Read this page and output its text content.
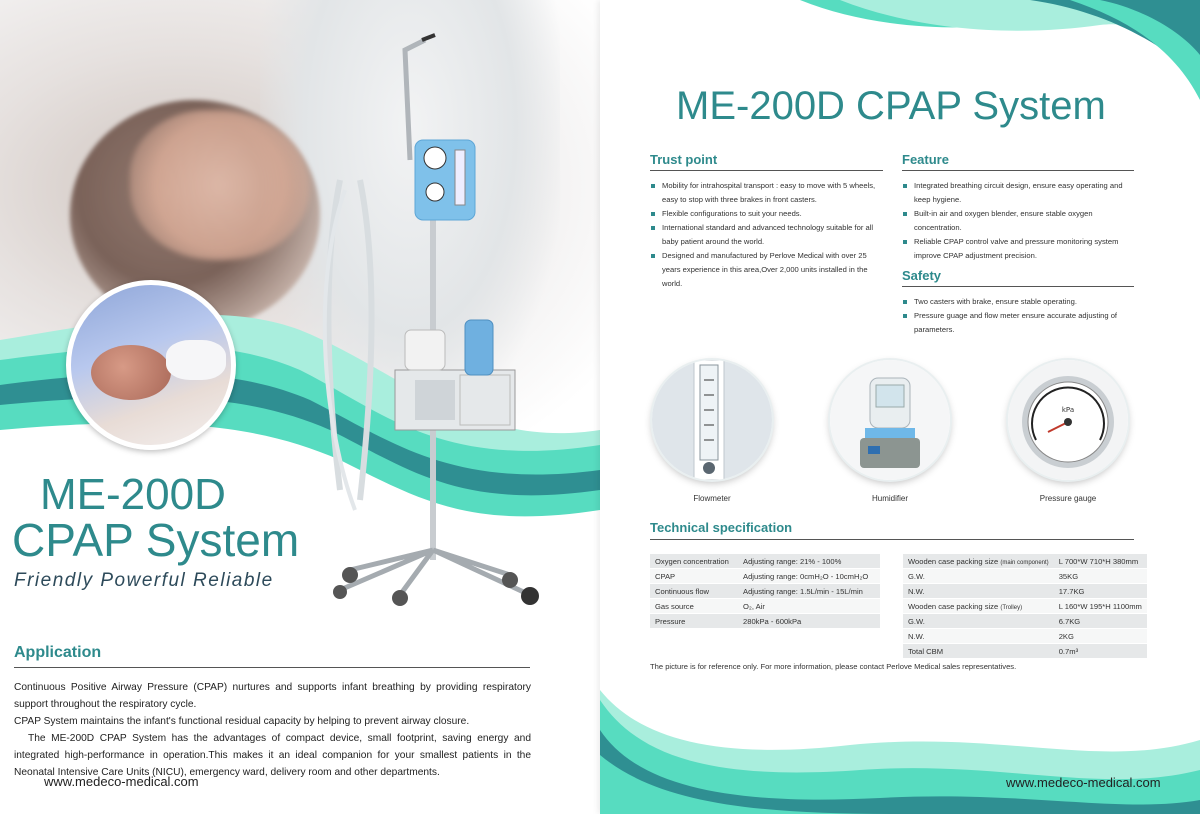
ME-200D
CPAP System
Friendly Powerful Reliable
Application

Continuous Positive Airway Pressure (CPAP) nurtures and supports infant breathing by providing respiratory support throughout the respiratory cycle.

CPAP System maintains the infant's functional residual capacity by helping to prevent airway closure.

The ME-200D CPAP System has the advantages of compact device, small footprint, saving energy and integrated high-performance in operation.This makes it an ideal companion for your smallest patients in the Neonatal Intensive Care Units (NICU), emergency ward, delivery room and other departments.

www.medeco-medical.com
ME-200D CPAP System
Trust point
Mobility for intrahospital transport : easy to move with 5 wheels, easy to stop with three brakes in front casters.
Flexible configurations to suit your needs.
International standard and advanced technology suitable for all baby patient around the world.
Designed and manufactured by Perlove Medical with over 25 years experience in this area,Over 2,000 units installed in the world.
Feature
Integrated breathing circuit design, ensure easy operating and keep hygiene.
Built-in air and oxygen blender, ensure stable oxygen concentration.
Reliable CPAP control valve and pressure monitoring system improve CPAP adjustment precision.
Safety
Two casters with brake, ensure stable operating.
Pressure guage and flow meter ensure accurate adjusting of parameters.
Flowmeter	Humidifier
kPa
Pressure gauge
Technical specification
Oxygen concentration	Adjusting range: 21% - 100%
CPAP	Adjusting range: 0cmH₂O - 10cmH₂O
Continuous flow	Adjusting range: 1.5L/min - 15L/min
Gas source	O₂, Air
Pressure	280kPa - 600kPa
Wooden case packing size (main component)	L 700*W 710*H 380mm
G.W.	35KG
N.W.	17.7KG
Wooden case packing size (Trolley)	L 160*W 195*H 1100mm
G.W.	6.7KG
N.W.	2KG
Total CBM	0.7m³
The picture is for reference only. For more information, please contact Perlove Medical sales representatives.
www.medeco-medical.com
